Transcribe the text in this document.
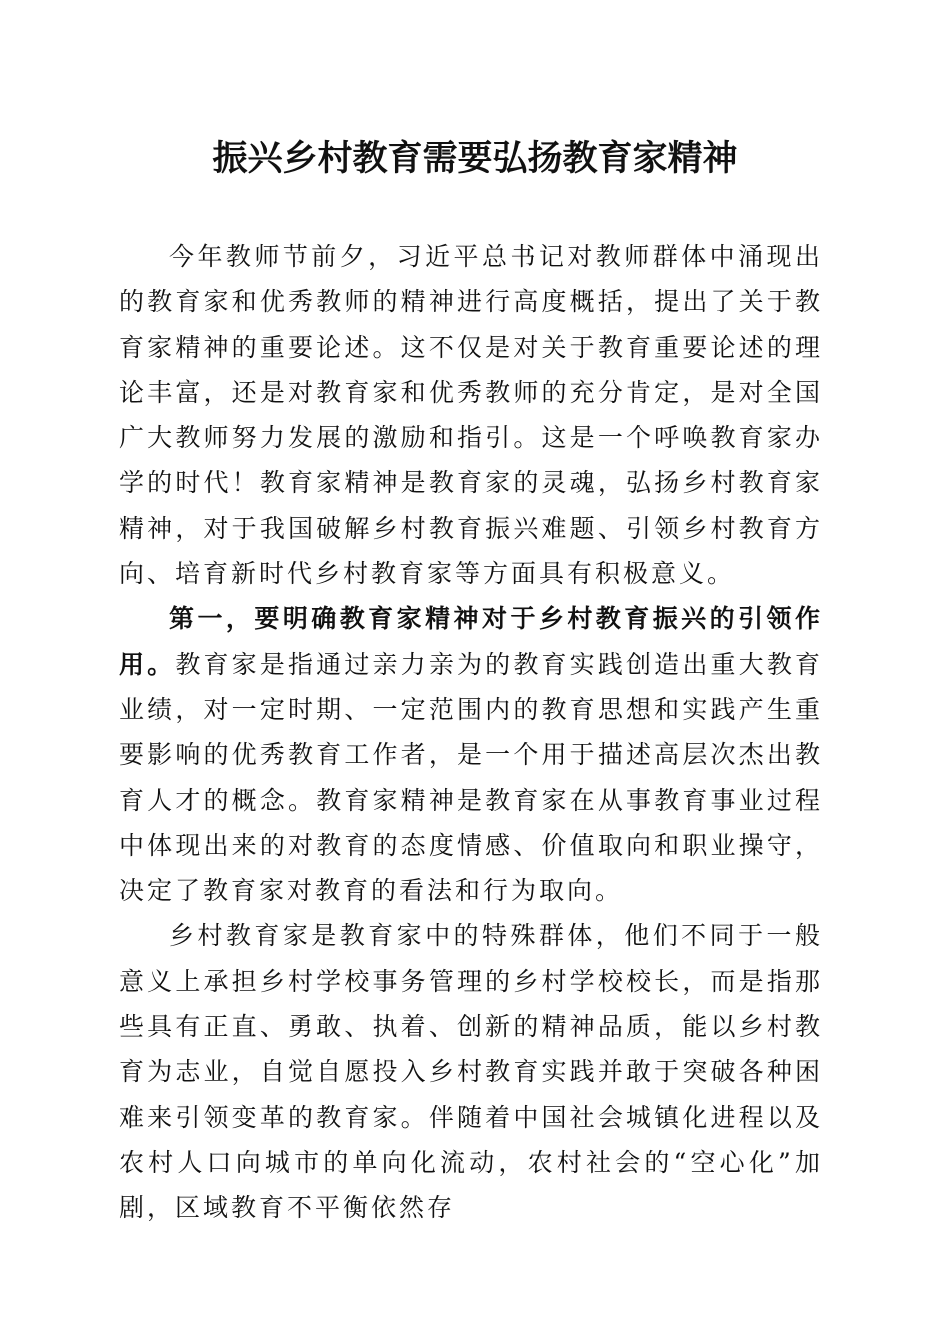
振兴乡村教育需要弘扬教育家精神

今年教师节前夕，习近平总书记对教师群体中涌现出的教育家和优秀教师的精神进行高度概括，提出了关于教育家精神的重要论述。这不仅是对关于教育重要论述的理论丰富，还是对教育家和优秀教师的充分肯定，是对全国广大教师努力发展的激励和指引。这是一个呼唤教育家办学的时代！教育家精神是教育家的灵魂，弘扬乡村教育家精神，对于我国破解乡村教育振兴难题、引领乡村教育方向、培育新时代乡村教育家等方面具有积极意义。

第一，要明确教育家精神对于乡村教育振兴的引领作用。教育家是指通过亲力亲为的教育实践创造出重大教育业绩，对一定时期、一定范围内的教育思想和实践产生重要影响的优秀教育工作者，是一个用于描述高层次杰出教育人才的概念。教育家精神是教育家在从事教育事业过程中体现出来的对教育的态度情感、价值取向和职业操守，决定了教育家对教育的看法和行为取向。

乡村教育家是教育家中的特殊群体，他们不同于一般意义上承担乡村学校事务管理的乡村学校校长，而是指那些具有正直、勇敢、执着、创新的精神品质，能以乡村教育为志业，自觉自愿投入乡村教育实践并敢于突破各种困难来引领变革的教育家。伴随着中国社会城镇化进程以及农村人口向城市的单向化流动，农村社会的“空心化”加剧，区域教育不平衡依然存
